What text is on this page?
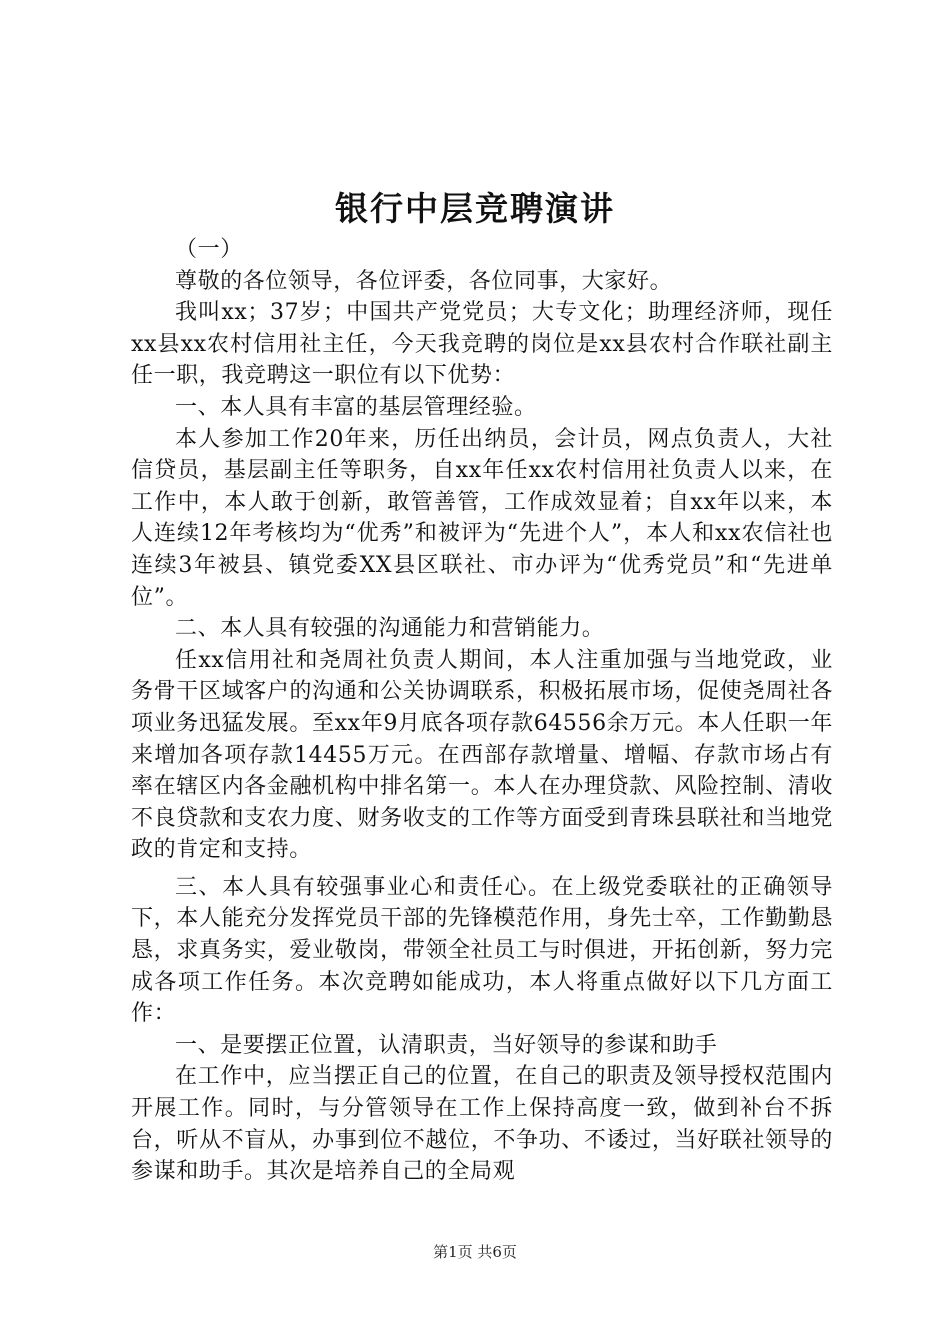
银行中层竞聘演讲

（一）

尊敬的各位领导，各位评委，各位同事，大家好。

我叫xx；37岁；中国共产党党员；大专文化；助理经济师，现任xx县xx农村信用社主任，今天我竞聘的岗位是xx县农村合作联社副主任一职，我竞聘这一职位有以下优势：

一、本人具有丰富的基层管理经验。

本人参加工作20年来，历任出纳员，会计员，网点负责人，大社信贷员，基层副主任等职务，自xx年任xx农村信用社负责人以来，在工作中，本人敢于创新，敢管善管，工作成效显着；自xx年以来，本人连续12年考核均为“优秀”和被评为“先进个人”，本人和xx农信社也连续3年被县、镇党委XX县区联社、市办评为“优秀党员”和“先进单位”。

二、本人具有较强的沟通能力和营销能力。

任xx信用社和尧周社负责人期间，本人注重加强与当地党政，业务骨干区域客户的沟通和公关协调联系，积极拓展市场，促使尧周社各项业务迅猛发展。至xx年9月底各项存款64556余万元。本人任职一年来增加各项存款14455万元。在西部存款增量、增幅、存款市场占有率在辖区内各金融机构中排名第一。本人在办理贷款、风险控制、清收不良贷款和支农力度、财务收支的工作等方面受到青珠县联社和当地党政的肯定和支持。

三、本人具有较强事业心和责任心。在上级党委联社的正确领导下，本人能充分发挥党员干部的先锋模范作用，身先士卒，工作勤勤恳恳，求真务实，爱业敬岗，带领全社员工与时俱进，开拓创新，努力完成各项工作任务。本次竞聘如能成功，本人将重点做好以下几方面工作：

一、是要摆正位置，认清职责，当好领导的参谋和助手

在工作中，应当摆正自己的位置，在自己的职责及领导授权范围内开展工作。同时，与分管领导在工作上保持高度一致，做到补台不拆台，听从不盲从，办事到位不越位，不争功、不诿过，当好联社领导的参谋和助手。其次是培养自己的全局观

第1页 共6页
